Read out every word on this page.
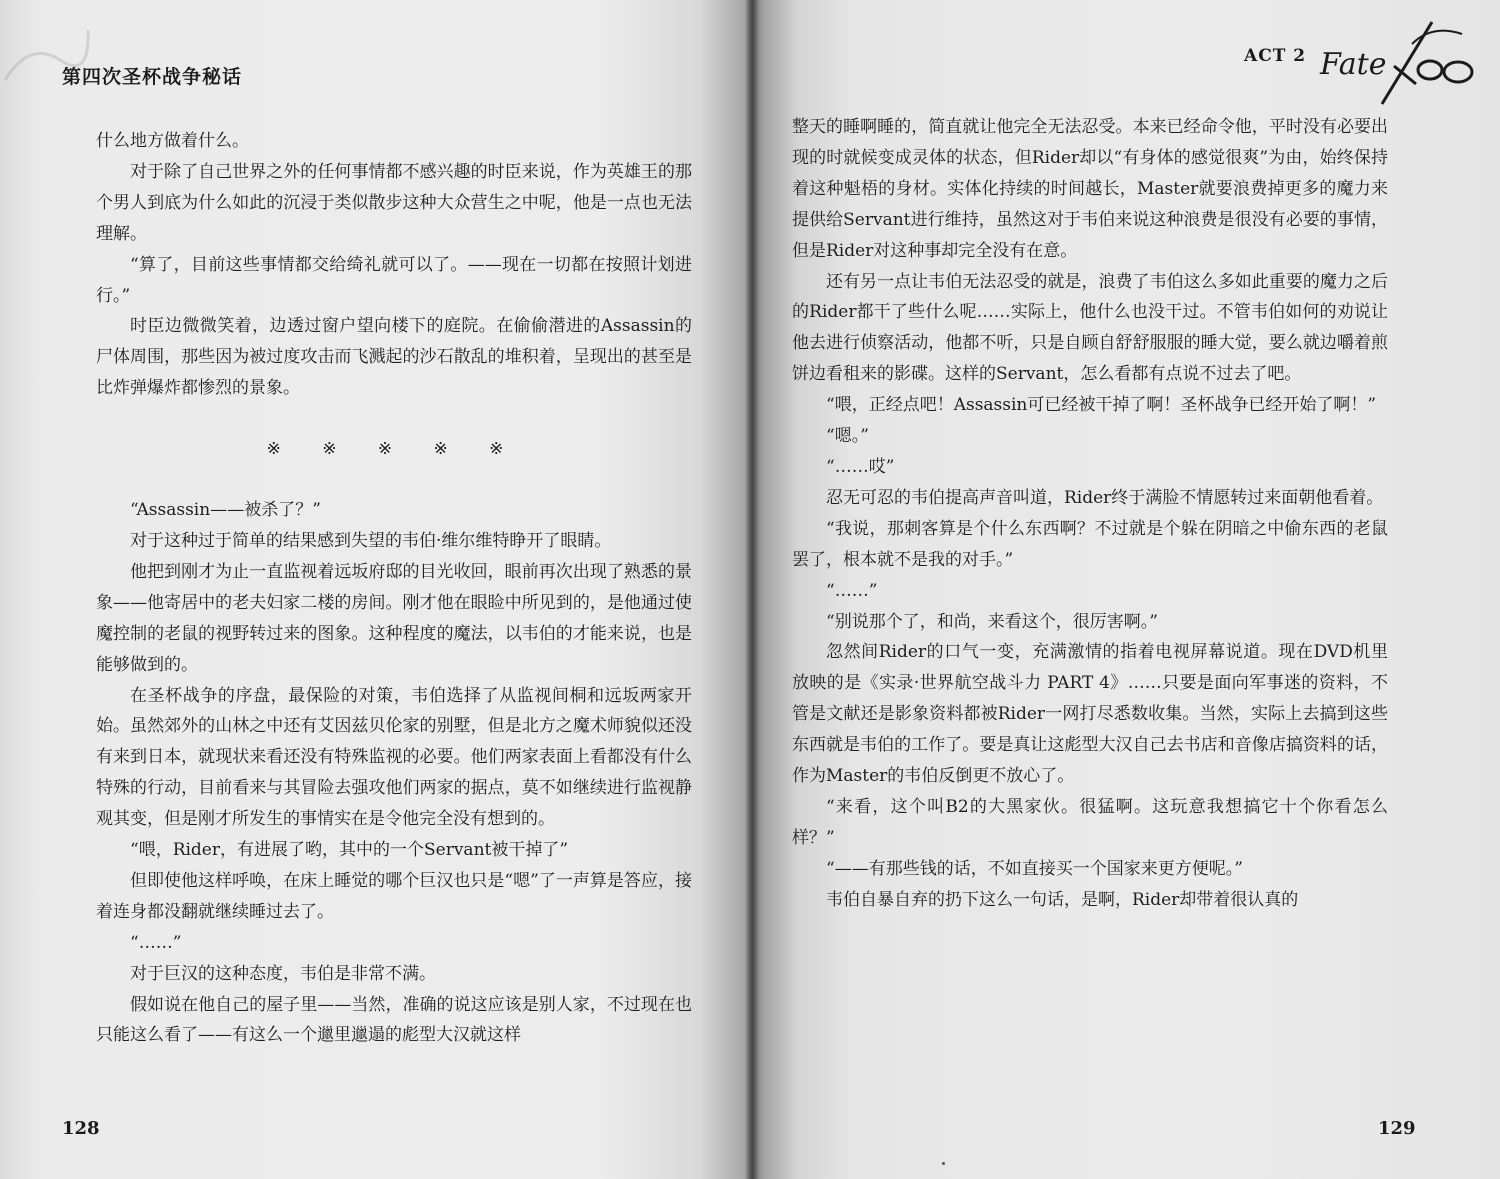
第四次圣杯战争秘话

什么地方做着什么。

对于除了自己世界之外的任何事情都不感兴趣的时臣来说，作为英雄王的那个男人到底为什么如此的沉浸于类似散步这种大众营生之中呢，他是一点也无法理解。

“算了，目前这些事情都交给绮礼就可以了。——现在一切都在按照计划进行。”

时臣边微微笑着，边透过窗户望向楼下的庭院。在偷偷潜进的Assassin的尸体周围，那些因为被过度攻击而飞溅起的沙石散乱的堆积着，呈现出的甚至是比炸弹爆炸都惨烈的景象。

※ ※ ※ ※ ※

“Assassin——被杀了？”

对于这种过于简单的结果感到失望的韦伯·维尔维特睁开了眼睛。

他把到刚才为止一直监视着远坂府邸的目光收回，眼前再次出现了熟悉的景象——他寄居中的老夫妇家二楼的房间。刚才他在眼睑中所见到的，是他通过使魔控制的老鼠的视野转过来的图象。这种程度的魔法，以韦伯的才能来说，也是能够做到的。

在圣杯战争的序盘，最保险的对策，韦伯选择了从监视间桐和远坂两家开始。虽然郊外的山林之中还有艾因兹贝伦家的别墅，但是北方之魔术师貌似还没有来到日本，就现状来看还没有特殊监视的必要。他们两家表面上看都没有什么特殊的行动，目前看来与其冒险去强攻他们两家的据点，莫不如继续进行监视静观其变，但是刚才所发生的事情实在是令他完全没有想到的。

“喂，Rider，有进展了哟，其中的一个Servant被干掉了”

但即使他这样呼唤，在床上睡觉的哪个巨汉也只是“嗯”了一声算是答应，接着连身都没翻就继续睡过去了。

“……”

对于巨汉的这种态度，韦伯是非常不满。

假如说在他自己的屋子里——当然，准确的说这应该是别人家，不过现在也只能这么看了——有这么一个邋里邋遢的彪型大汉就这样

128
ACT 2 Fate

整天的睡啊睡的，简直就让他完全无法忍受。本来已经命令他，平时没有必要出现的时就候变成灵体的状态，但Rider却以“有身体的感觉很爽”为由，始终保持着这种魁梧的身材。实体化持续的时间越长，Master就要浪费掉更多的魔力来提供给Servant进行维持，虽然这对于韦伯来说这种浪费是很没有必要的事情，但是Rider对这种事却完全没有在意。

还有另一点让韦伯无法忍受的就是，浪费了韦伯这么多如此重要的魔力之后的Rider都干了些什么呢……实际上，他什么也没干过。不管韦伯如何的劝说让他去进行侦察活动，他都不听，只是自顾自舒舒服服的睡大觉，要么就边嚼着煎饼边看租来的影碟。这样的Servant，怎么看都有点说不过去了吧。

“喂，正经点吧！Assassin可已经被干掉了啊！圣杯战争已经开始了啊！”

“嗯。”

“……哎”

忍无可忍的韦伯提高声音叫道，Rider终于满脸不情愿转过来面朝他看着。

“我说，那刺客算是个什么东西啊？不过就是个躲在阴暗之中偷东西的老鼠罢了，根本就不是我的对手。”

“……”

“别说那个了，和尚，来看这个，很厉害啊。”

忽然间Rider的口气一变，充满激情的指着电视屏幕说道。现在DVD机里放映的是《实录·世界航空战斗力 PART 4》……只要是面向军事迷的资料，不管是文献还是影象资料都被Rider一网打尽悉数收集。当然，实际上去搞到这些东西就是韦伯的工作了。要是真让这彪型大汉自己去书店和音像店搞资料的话，作为Master的韦伯反倒更不放心了。

“来看，这个叫B2的大黑家伙。很猛啊。这玩意我想搞它十个你看怎么样？”

“——有那些钱的话，不如直接买一个国家来更方便呢。”

韦伯自暴自弃的扔下这么一句话，是啊，Rider却带着很认真的

129
